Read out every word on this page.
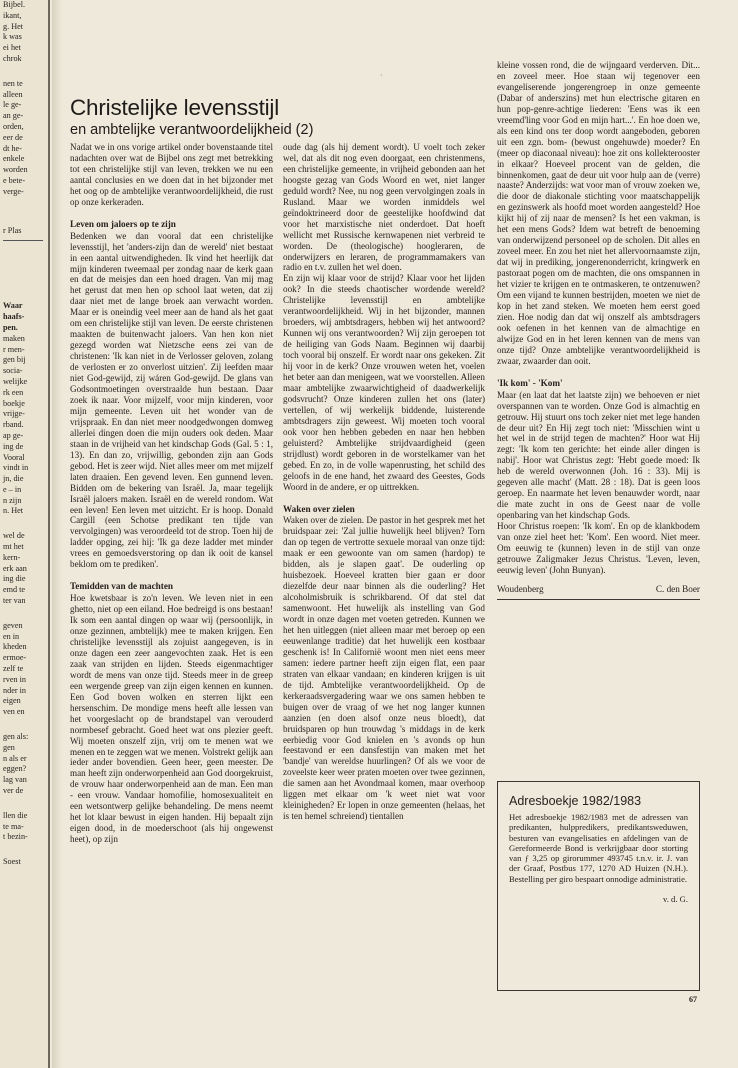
Bijbel.

ikant,

g. Het

k was

ei het

chrok

nen te

alleen

le ge-

an ge-

orden,

eer de

dt he-

enkele

worden

e bete-

verge-

r Plas

Waar

haafs-

pen.

maken

r men-

gen bij

socia-

welijke

rk een

boekje

vrijge-

rband.

ap ge-

ing de

Vooral

vindt in

jn, die

e – in

n zijn

n. Het

wel de

mt het

kern-

erk aan

ing die

emd te

ter van

geven

en in

kheden

ermoe-

zelf te

rven in

nder in

eigen

ven en

gen als:

gen

n als er

eggen?

lag van

ver de

llen die

te ma-

t bezin-

Soest

·
Christelijke levensstijl
en ambtelijke verantwoordelijkheid (2)

Nadat we in ons vorige artikel onder bovenstaande titel nadachten over wat de Bijbel ons zegt met betrekking tot een christelijke stijl van leven, trekken we nu een aantal conclusies en we doen dat in het bijzonder met het oog op de ambtelijke verantwoordelijkheid, die rust op onze kerkeraden.

Leven om jaloers op te zijn

Bedenken we dan vooral dat een christelijke levensstijl, het 'anders-zijn dan de wereld' niet bestaat in een aantal uitwendigheden. Ik vind het heerlijk dat mijn kinderen tweemaal per zondag naar de kerk gaan en dat de meisjes dan een hoed dragen. Van mij mag het gerust dat men hen op school laat weten, dat zij daar niet met de lange broek aan verwacht worden. Maar er is oneindig veel meer aan de hand als het gaat om een christelijke stijl van leven. De eerste christenen maakten de buitenwacht jaloers. Van hen kon niet gezegd worden wat Nietzsche eens zei van de christenen: 'Ik kan niet in de Verlosser geloven, zolang de verlosten er zo onverlost uitzien'. Zij leefden maar niet God-gewijd, zij wáren God-gewijd. De glans van Godsontmoetingen overstraalde hun bestaan. Daar zoek ik naar. Voor mijzelf, voor mijn kinderen, voor mijn gemeente. Leven uit het wonder van de vrijspraak. En dan niet meer noodgedwongen domweg allerlei dingen doen die mijn ouders ook deden. Maar staan in de vrijheid van het kindschap Gods (Gal. 5 : 1, 13). En dan zo, vrijwillig, gebonden zijn aan Gods gebod. Het is zeer wijd. Niet alles meer om met mijzelf laten draaien. Een gevend leven. Een gunnend leven. Bidden om de bekering van Israël. Ja, maar tegelijk Israël jaloers maken. Israël en de wereld rondom. Wat een leven! Een leven met uitzicht. Er is hoop. Donald Cargill (een Schotse predikant ten tijde van vervolgingen) was veroordeeld tot de strop. Toen hij de ladder opging, zei hij: 'Ik ga deze ladder met minder vrees en gemoedsverstoring op dan ik ooit de kansel beklom om te prediken'.

Temidden van de machten

Hoe kwetsbaar is zo'n leven. We leven niet in een ghetto, niet op een eiland. Hoe bedreigd is ons bestaan! Ik som een aantal dingen op waar wij (persoonlijk, in onze gezinnen, ambtelijk) mee te maken krijgen. Een christelijke levensstijl als zojuist aangegeven, is in onze dagen een zeer aangevochten zaak. Het is een zaak van strijden en lijden. Steeds eigenmachtiger wordt de mens van onze tijd. Steeds meer in de greep een wergende greep van zijn eigen kennen en kunnen. Een God boven wolken en sterren lijkt een hersenschim. De mondige mens heeft alle lessen van het voorgeslacht op de brandstapel van verouderd normbesef gebracht. Goed heet wat ons plezier geeft. Wij moeten onszelf zijn, vrij om te menen wat we menen en te zeggen wat we menen. Volstrekt gelijk aan ieder ander bovendien. Geen heer, geen meester. De man heeft zijn onderworpenheid aan God doorgekruist, de vrouw haar onderworpenheid aan de man. Een man - een vrouw. Vandaar homofilie, homosexualiteit en een wetsontwerp gelijke behandeling. De mens neemt het lot klaar bewust in eigen handen. Hij bepaalt zijn eigen dood, in de moederschoot (als hij ongewenst heet), op zijn

oude dag (als hij dement wordt). U voelt toch zeker wel, dat als dit nog even doorgaat, een christenmens, een christelijke gemeente, in vrijheid gebonden aan het hoogste gezag van Gods Woord en wet, niet langer geduld wordt? Nee, nu nog geen vervolgingen zoals in Rusland. Maar we worden inmiddels wel geïndoktrineerd door de geestelijke hoofdwind dat voor het marxistische niet onderdoet. Dat hoeft wellicht met Russische kernwapenen niet verbreid te worden. De (theologische) hoogleraren, de onderwijzers en leraren, de programmamakers van radio en t.v. zullen het wel doen.

En zijn wij klaar voor de strijd? Klaar voor het lijden ook? In die steeds chaotischer wordende wereld? Christelijke levensstijl en ambtelijke verantwoordelijkheid. Wij in het bijzonder, mannen broeders, wij ambtsdragers, hebben wij het antwoord? Kunnen wij ons verantwoorden? Wij zijn geroepen tot de heiliging van Gods Naam. Beginnen wij daarbij toch vooral bij onszelf. Er wordt naar ons gekeken. Zit hij voor in de kerk? Onze vrouwen weten het, voelen het beter aan dan menigeen, wat we voorstellen. Alleen maar ambtelijke zwaarwichtigheid of daadwerkelijk godsvrucht? Onze kinderen zullen het ons (later) vertellen, of wij werkelijk biddende, luisterende ambtsdragers zijn geweest. Wij moeten toch vooral ook voor hen hebben gebeden en naar hen hebben geluisterd? Ambtelijke strijdvaardigheid (geen strijdlust) wordt geboren in de worstelkamer van het gebed. En zo, in de volle wapenrusting, het schild des geloofs in de ene hand, het zwaard des Geestes, Gods Woord in de andere, er op uittrekken.

Waken over zielen

Waken over de zielen. De pastor in het gesprek met het bruidspaar zei: 'Zal jullie huwelijk heel blijven? Torn dan op tegen de vertrotte sexuele moraal van onze tijd: maak er een gewoonte van om samen (hardop) te bidden, als je slapen gaat'. De ouderling op huisbezoek. Hoeveel kratten bier gaan er door diezelfde deur naar binnen als die ouderling? Het alcoholmisbruik is schrikbarend. Of dat stel dat samenwoont. Het huwelijk als instelling van God wordt in onze dagen met voeten getreden. Kunnen we het hen uitleggen (niet alleen maar met beroep op een eeuwenlange traditie) dat het huwelijk een kostbaar geschenk is! In Californië woont men niet eens meer samen: iedere partner heeft zijn eigen flat, een paar straten van elkaar vandaan; en kinderen krijgen is uit de tijd. Ambtelijke verantwoordelijkheid. Op de kerkeraadsvergadering waar we ons samen hebben te buigen over de vraag of we het nog langer kunnen aanzien (en doen alsof onze neus bloedt), dat bruidsparen op hun trouwdag 's middags in de kerk eerbiedig voor God knielen en 's avonds op hun feestavond er een dansfestijn van maken met het 'bandje' van wereldse huurlingen? Of als we voor de zoveelste keer weer praten moeten over twee gezinnen, die samen aan het Avondmaal komen, maar overhoop liggen met elkaar om 'k weet niet wat voor kleinigheden? Er lopen in onze gemeenten (helaas, het is ten hemel schreiend) tientallen

kleine vossen rond, die de wijngaard verderven. Dit... en zoveel meer. Hoe staan wij tegenover een evangeliserende jongerengroep in onze gemeente (Dabar of anderszins) met hun electrische gitaren en hun pop-genre-achtige liederen: 'Eens was ik een vreemd'ling voor God en mijn hart...'. En hoe doen we, als een kind ons ter doop wordt aangeboden, geboren uit een zgn. bom- (bewust ongehuwde) moeder? En (meer op diaconaal niveau): hoe zit ons kollekterooster in elkaar? Hoeveel procent van de gelden, die binnenkomen, gaat de deur uit voor hulp aan de (verre) naaste? Anderzijds: wat voor man of vrouw zoeken we, die door de diakonale stichting voor maatschappelijk en gezinswerk als hoofd moet worden aangesteld? Hoe kijkt hij of zij naar de mensen? Is het een vakman, is het een mens Gods? Idem wat betreft de benoeming van onderwijzend personeel op de scholen. Dit alles en zoveel meer. En zou het niet het allervoornaamste zijn, dat wij in prediking, jongerenonderricht, kringwerk en pastoraat pogen om de machten, die ons omspannen in het vizier te krijgen en te ontmaskeren, te ontzenuwen? Om een vijand te kunnen bestrijden, moeten we niet de kop in het zand steken. We moeten hem eerst goed zien. Hoe nodig dan dat wij onszelf als ambtsdragers ook oefenen in het kennen van de almachtige en alwijze God en in het leren kennen van de mens van onze tijd? Onze ambtelijke verantwoordelijkheid is zwaar, zwaarder dan ooit.

'Ik kom' - 'Kom'

Maar (en laat dat het laatste zijn) we behoeven er niet overspannen van te worden. Onze God is almachtig en getrouw. Hij stuurt ons toch zeker niet met lege handen de deur uit? En Hij zegt toch niet: 'Misschien wint u het wel in de strijd tegen de machten?' Hoor wat Hij zegt: 'Ik kom ten gerichte: het einde aller dingen is nabij'. Hoor wat Christus zegt: 'Hebt goede moed: Ik heb de wereld overwonnen (Joh. 16 : 33). Mij is gegeven alle macht' (Matt. 28 : 18). Dat is geen loos geroep. En naarmate het leven benauwder wordt, naar die mate zucht in ons de Geest naar de volle openbaring van het kindschap Gods.

Hoor Christus roepen: 'Ik kom'. En op de klankbodem van onze ziel heet het: 'Kom'. Een woord. Niet meer. Om eeuwig te (kunnen) leven in de stijl van onze getrouwe Zaligmaker Jezus Christus. 'Leven, leven, eeuwig leven' (John Bunyan).

Woudenberg	C. den Boer
Adresboekje 1982/1983

Het adresboekje 1982/1983 met de adressen van predikanten, hulppredikers, predikantsweduwen, besturen van evangelisaties en afdelingen van de Gereformeerde Bond is verkrijgbaar door storting van ƒ 3,25 op girorummer 493745 t.n.v. ir. J. van der Graaf, Postbus 177, 1270 AD Huizen (N.H.). Bestelling per giro bespaart onnodige administratie.

v. d. G.

67
